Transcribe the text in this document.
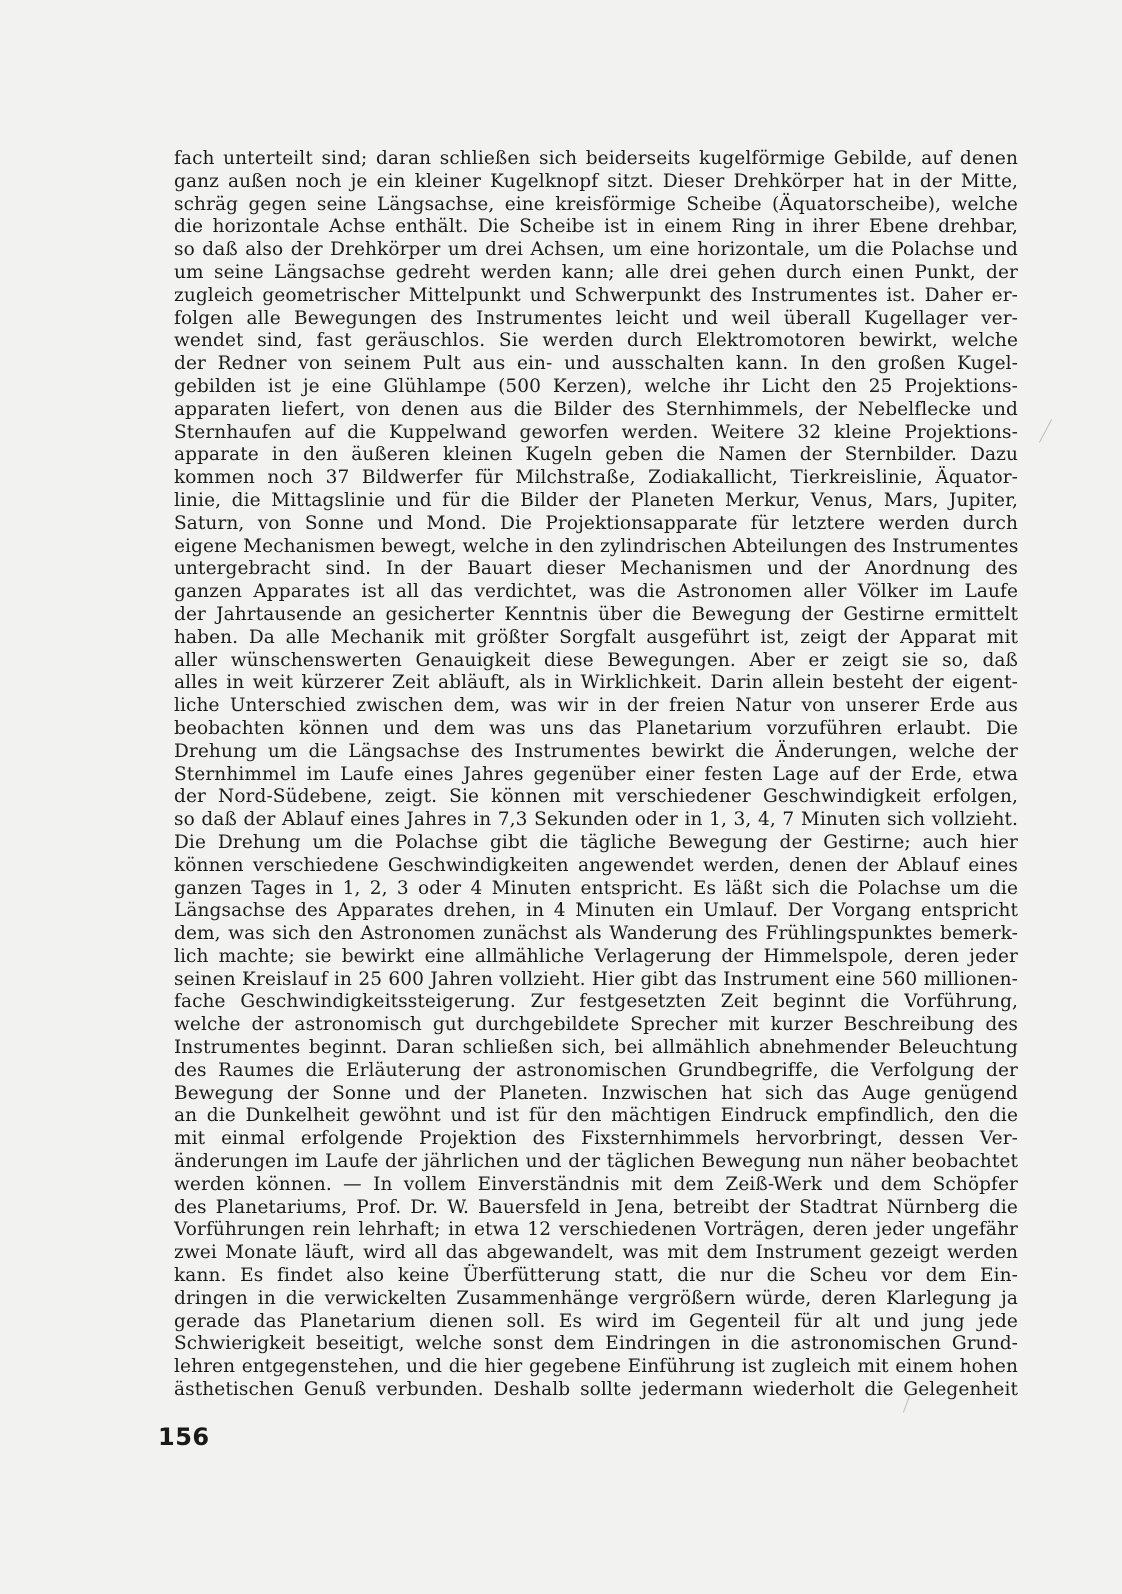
fach unterteilt sind; daran schließen sich beiderseits kugelförmige Gebilde, auf denen
ganz außen noch je ein kleiner Kugelknopf sitzt. Dieser Drehkörper hat in der Mitte,
schräg gegen seine Längsachse, eine kreisförmige Scheibe (Äquatorscheibe), welche
die horizontale Achse enthält. Die Scheibe ist in einem Ring in ihrer Ebene drehbar,
so daß also der Drehkörper um drei Achsen, um eine horizontale, um die Polachse und
um seine Längsachse gedreht werden kann; alle drei gehen durch einen Punkt, der
zugleich geometrischer Mittelpunkt und Schwerpunkt des Instrumentes ist. Daher er-
folgen alle Bewegungen des Instrumentes leicht und weil überall Kugellager ver-
wendet sind, fast geräuschlos. Sie werden durch Elektromotoren bewirkt, welche
der Redner von seinem Pult aus ein- und ausschalten kann. In den großen Kugel-
gebilden ist je eine Glühlampe (500 Kerzen), welche ihr Licht den 25 Projektions-
apparaten liefert, von denen aus die Bilder des Sternhimmels, der Nebelflecke und
Sternhaufen auf die Kuppelwand geworfen werden. Weitere 32 kleine Projektions-
apparate in den äußeren kleinen Kugeln geben die Namen der Sternbilder. Dazu
kommen noch 37 Bildwerfer für Milchstraße, Zodiakallicht, Tierkreislinie, Äquator-
linie, die Mittagslinie und für die Bilder der Planeten Merkur, Venus, Mars, Jupiter,
Saturn, von Sonne und Mond. Die Projektionsapparate für letztere werden durch
eigene Mechanismen bewegt, welche in den zylindrischen Abteilungen des Instrumentes
untergebracht sind. In der Bauart dieser Mechanismen und der Anordnung des
ganzen Apparates ist all das verdichtet, was die Astronomen aller Völker im Laufe
der Jahrtausende an gesicherter Kenntnis über die Bewegung der Gestirne ermittelt
haben. Da alle Mechanik mit größter Sorgfalt ausgeführt ist, zeigt der Apparat mit
aller wünschenswerten Genauigkeit diese Bewegungen. Aber er zeigt sie so, daß
alles in weit kürzerer Zeit abläuft, als in Wirklichkeit. Darin allein besteht der eigent-
liche Unterschied zwischen dem, was wir in der freien Natur von unserer Erde aus
beobachten können und dem was uns das Planetarium vorzuführen erlaubt. Die
Drehung um die Längsachse des Instrumentes bewirkt die Änderungen, welche der
Sternhimmel im Laufe eines Jahres gegenüber einer festen Lage auf der Erde, etwa
der Nord-Südebene, zeigt. Sie können mit verschiedener Geschwindigkeit erfolgen,
so daß der Ablauf eines Jahres in 7,3 Sekunden oder in 1, 3, 4, 7 Minuten sich vollzieht.
Die Drehung um die Polachse gibt die tägliche Bewegung der Gestirne; auch hier
können verschiedene Geschwindigkeiten angewendet werden, denen der Ablauf eines
ganzen Tages in 1, 2, 3 oder 4 Minuten entspricht. Es läßt sich die Polachse um die
Längsachse des Apparates drehen, in 4 Minuten ein Umlauf. Der Vorgang entspricht
dem, was sich den Astronomen zunächst als Wanderung des Frühlingspunktes bemerk-
lich machte; sie bewirkt eine allmähliche Verlagerung der Himmelspole, deren jeder
seinen Kreislauf in 25 600 Jahren vollzieht. Hier gibt das Instrument eine 560 millionen-
fache Geschwindigkeitssteigerung. Zur festgesetzten Zeit beginnt die Vorführung,
welche der astronomisch gut durchgebildete Sprecher mit kurzer Beschreibung des
Instrumentes beginnt. Daran schließen sich, bei allmählich abnehmender Beleuchtung
des Raumes die Erläuterung der astronomischen Grundbegriffe, die Verfolgung der
Bewegung der Sonne und der Planeten. Inzwischen hat sich das Auge genügend
an die Dunkelheit gewöhnt und ist für den mächtigen Eindruck empfindlich, den die
mit einmal erfolgende Projektion des Fixsternhimmels hervorbringt, dessen Ver-
änderungen im Laufe der jährlichen und der täglichen Bewegung nun näher beobachtet
werden können. — In vollem Einverständnis mit dem Zeiß-Werk und dem Schöpfer
des Planetariums, Prof. Dr. W. Bauersfeld in Jena, betreibt der Stadtrat Nürnberg die
Vorführungen rein lehrhaft; in etwa 12 verschiedenen Vorträgen, deren jeder ungefähr
zwei Monate läuft, wird all das abgewandelt, was mit dem Instrument gezeigt werden
kann. Es findet also keine Überfütterung statt, die nur die Scheu vor dem Ein-
dringen in die verwickelten Zusammenhänge vergrößern würde, deren Klarlegung ja
gerade das Planetarium dienen soll. Es wird im Gegenteil für alt und jung jede
Schwierigkeit beseitigt, welche sonst dem Eindringen in die astronomischen Grund-
lehren entgegenstehen, und die hier gegebene Einführung ist zugleich mit einem hohen
ästhetischen Genuß verbunden. Deshalb sollte jedermann wiederholt die Gelegenheit
156
